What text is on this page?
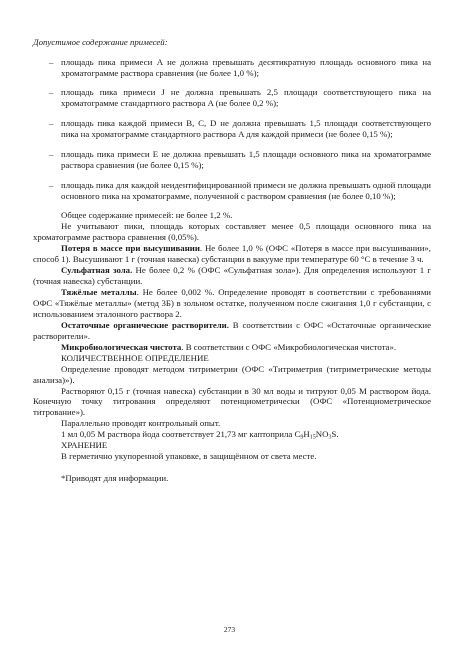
Допустимое содержание примесей:

– площадь пика примеси A не должна превышать десятикратную площадь основного пика на хроматограмме раствора сравнения (не более 1,0 %);

– площадь пика примеси J не должна превышать 2,5 площади соответствующего пика на хроматограмме стандартного раствора A (не более 0,2 %);

– площадь пика каждой примеси B, C, D не должна превышать 1,5 площади соответствующего пика на хроматограмме стандартного раствора A для каждой примеси (не более 0,15 %);

– площадь пика примеси E не должна превышать 1,5 площади основного пика на хроматограмме раствора сравнения (не более 0,15 %);

– площадь пика для каждой неидентифицированной примеси не должна превышать одной площади основного пика на хроматограмме, полученной с раствором сравнения (не более 0,10 %);

Общее содержание примесей: не более 1,2 %.

Не учитывают пики, площадь которых составляет менее 0,5 площади основного пика на хроматограмме раствора сравнения (0,05%).

Потеря в массе при высушивании. Не более 1,0 % (ОФС «Потеря в массе при высушивании», способ 1). Высушивают 1 г (точная навеска) субстанции в вакууме при температуре 60 °C в течение 3 ч.

Сульфатная зола. Не более 0,2 % (ОФС «Сульфатная зола»). Для определения используют 1 г (точная навеска) субстанции.

Тяжёлые металлы. Не более 0,002 %. Определение проводят в соответствии с требованиями ОФС «Тяжёлые металлы» (метод 3Б) в зольном остатке, полученном после сжигания 1,0 г субстанции, с использованием эталонного раствора 2.

Остаточные органические растворители. В соответствии с ОФС «Остаточные органические растворители».

Микробиологическая чистота. В соответствии с ОФС «Микробиологическая чистота».

КОЛИЧЕСТВЕННОЕ ОПРЕДЕЛЕНИЕ

Определение проводят методом титриметрии (ОФС «Титриметрия (титриметрические методы анализа)»).

Растворяют 0,15 г (точная навеска) субстанции в 30 мл воды и титруют 0,05 М раствором йода. Конечную точку титрования определяют потенциометрически (ОФС «Потенциометрическое титрование»).

Параллельно проводят контрольный опыт.

1 мл 0,05 М раствора йода соответствует 21,73 мг каптоприла $C_9H_{15}NO_3S$.

ХРАНЕНИЕ

В герметично укупоренной упаковке, в защищённом от света месте.

*Приводят для информации.

273
